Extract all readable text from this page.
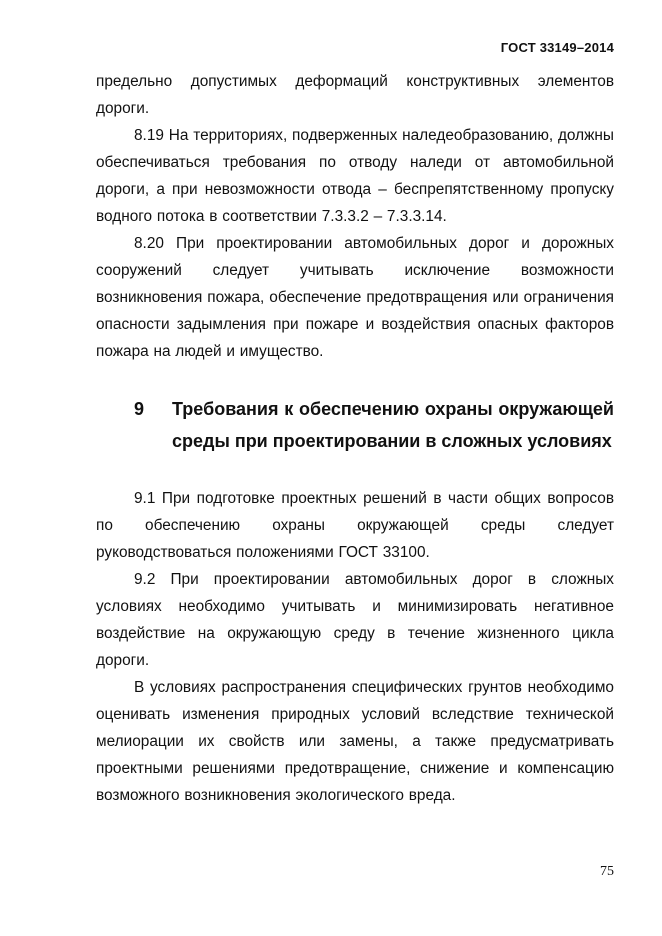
ГОСТ 33149–2014

предельно допустимых деформаций конструктивных элементов дороги.

8.19 На территориях, подверженных наледеобразованию, должны обеспечиваться требования по отводу наледи от автомобильной дороги, а при невозможности отвода – беспрепятственному пропуску водного потока в соответствии 7.3.3.2 – 7.3.3.14.

8.20 При проектировании автомобильных дорог и дорожных сооружений следует учитывать исключение возможности возникновения пожара, обеспечение предотвращения или ограничения опасности задымления при пожаре и воздействия опасных факторов пожара на людей и имущество.

9	Требования к обеспечению охраны окружающей среды при проектировании в сложных условиях

9.1 При подготовке проектных решений в части общих вопросов по обеспечению охраны окружающей среды следует руководствоваться положениями ГОСТ 33100.

9.2 При проектировании автомобильных дорог в сложных условиях необходимо учитывать и минимизировать негативное воздействие на окружающую среду в течение жизненного цикла дороги.

В условиях распространения специфических грунтов необходимо оценивать изменения природных условий вследствие технической мелиорации их свойств или замены, а также предусматривать проектными решениями предотвращение, снижение и компенсацию возможного возникновения экологического вреда.

75
